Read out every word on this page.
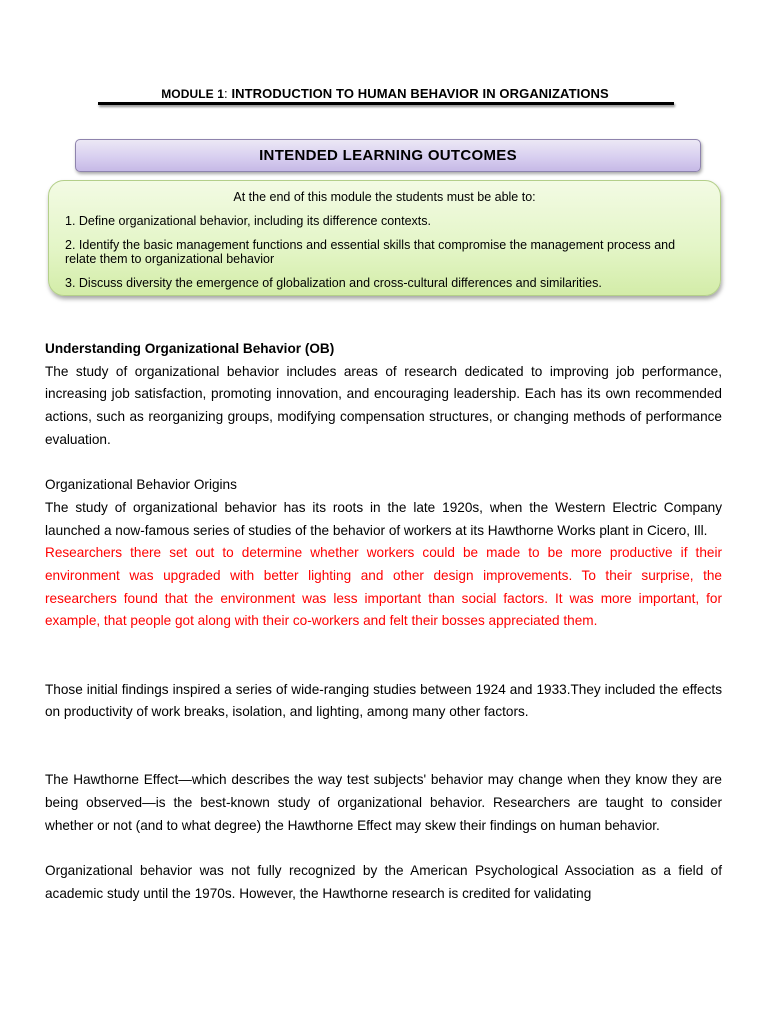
MODULE 1: INTRODUCTION TO HUMAN BEHAVIOR IN ORGANIZATIONS
INTENDED LEARNING OUTCOMES
At the end of this module the students must be able to:
1. Define organizational behavior, including its difference contexts.
2. Identify the basic management functions and essential skills that compromise the management process and relate them to organizational behavior
3. Discuss diversity the emergence of globalization and cross-cultural differences and similarities.

Understanding Organizational Behavior (OB)

The study of organizational behavior includes areas of research dedicated to improving job performance, increasing job satisfaction, promoting innovation, and encouraging leadership. Each has its own recommended actions, such as reorganizing groups, modifying compensation structures, or changing methods of performance evaluation.

Organizational Behavior Origins

The study of organizational behavior has its roots in the late 1920s, when the Western Electric Company launched a now-famous series of studies of the behavior of workers at its Hawthorne Works plant in Cicero, Ill.

Researchers there set out to determine whether workers could be made to be more productive if their environment was upgraded with better lighting and other design improvements. To their surprise, the researchers found that the environment was less important than social factors. It was more important, for example, that people got along with their co-workers and felt their bosses appreciated them.

Those initial findings inspired a series of wide-ranging studies between 1924 and 1933.They included the effects on productivity of work breaks, isolation, and lighting, among many other factors.

The Hawthorne Effect—which describes the way test subjects' behavior may change when they know they are being observed—is the best-known study of organizational behavior. Researchers are taught to consider whether or not (and to what degree) the Hawthorne Effect may skew their findings on human behavior.

Organizational behavior was not fully recognized by the American Psychological Association as a field of academic study until the 1970s. However, the Hawthorne research is credited for validating
